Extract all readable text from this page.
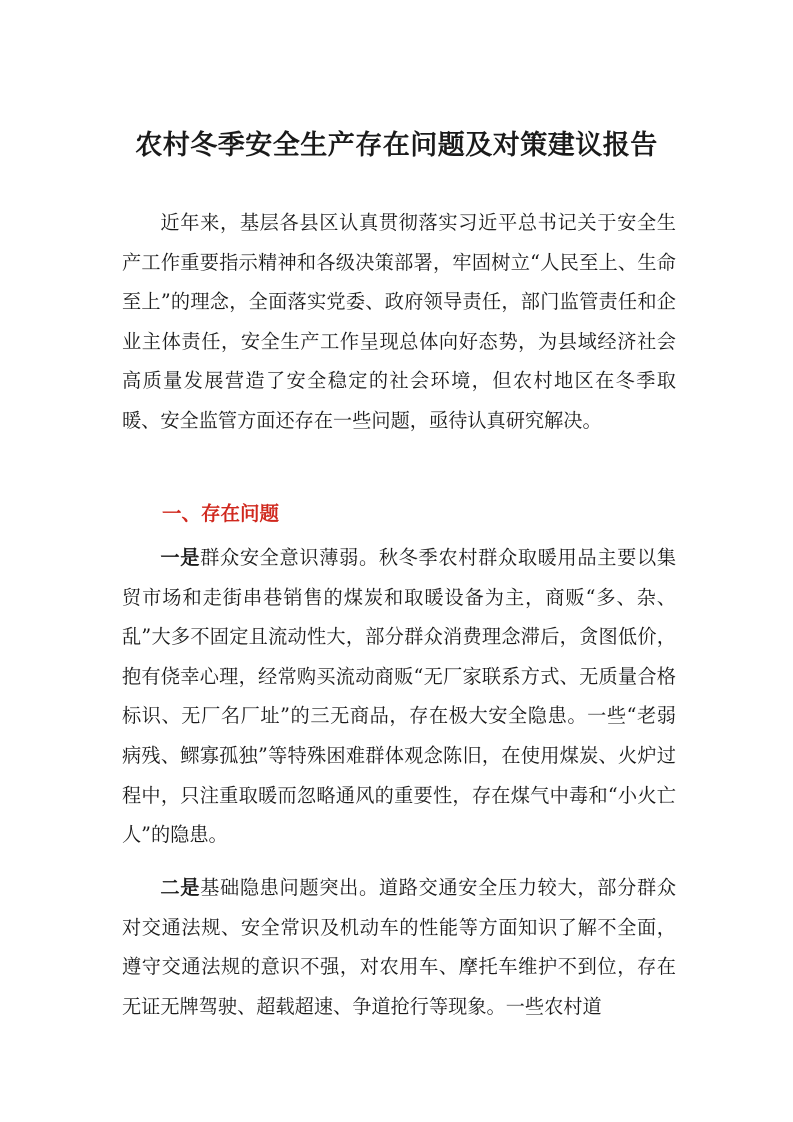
农村冬季安全生产存在问题及对策建议报告

近年来，基层各县区认真贯彻落实习近平总书记关于安全生产工作重要指示精神和各级决策部署，牢固树立“人民至上、生命至上”的理念，全面落实党委、政府领导责任，部门监管责任和企业主体责任，安全生产工作呈现总体向好态势，为县域经济社会高质量发展营造了安全稳定的社会环境，但农村地区在冬季取暖、安全监管方面还存在一些问题，亟待认真研究解决。

一、存在问题

一是群众安全意识薄弱。秋冬季农村群众取暖用品主要以集贸市场和走街串巷销售的煤炭和取暖设备为主，商贩“多、杂、乱”大多不固定且流动性大，部分群众消费理念滞后，贪图低价，抱有侥幸心理，经常购买流动商贩“无厂家联系方式、无质量合格标识、无厂名厂址”的三无商品，存在极大安全隐患。一些“老弱病残、鳏寡孤独”等特殊困难群体观念陈旧，在使用煤炭、火炉过程中，只注重取暖而忽略通风的重要性，存在煤气中毒和“小火亡人”的隐患。

二是基础隐患问题突出。道路交通安全压力较大，部分群众对交通法规、安全常识及机动车的性能等方面知识了解不全面，遵守交通法规的意识不强，对农用车、摩托车维护不到位，存在无证无牌驾驶、超载超速、争道抢行等现象。一些农村道
